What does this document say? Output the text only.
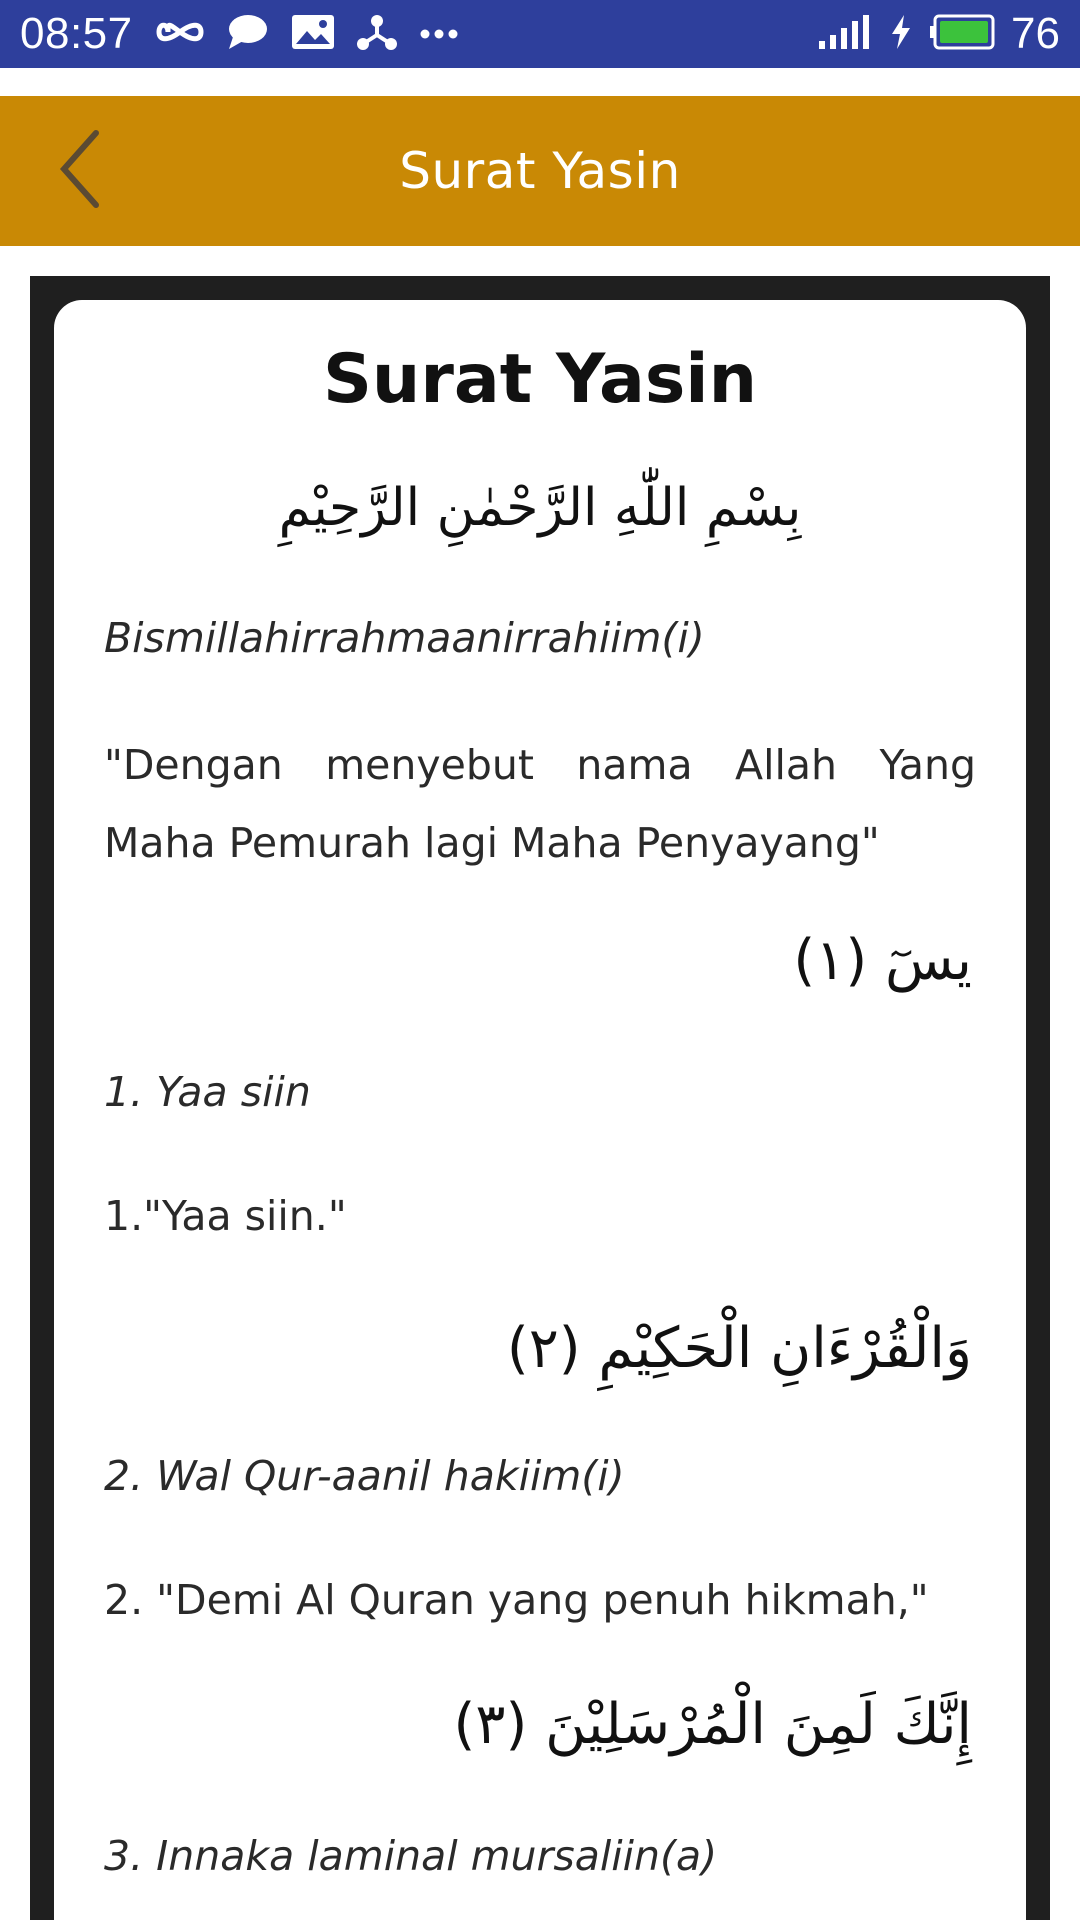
08:57	76
Surat Yasin
Surat Yasin
بِسْمِ اللّٰهِ الرَّحْمٰنِ الرَّحِيْمِ
Bismillahirrahmaanirrahiim(i)
"Dengan menyebut nama Allah Yang Maha Pemurah lagi Maha Penyayang"
يسٓ (١)
1. Yaa siin
1."Yaa siin."
وَالْقُرْءَانِ الْحَكِيْمِ (٢)
2. Wal Qur-aanil hakiim(i)
2. "Demi Al Quran yang penuh hikmah,"
إِنَّكَ لَمِنَ الْمُرْسَلِيْنَ (٣)
3. Innaka laminal mursaliin(a)
